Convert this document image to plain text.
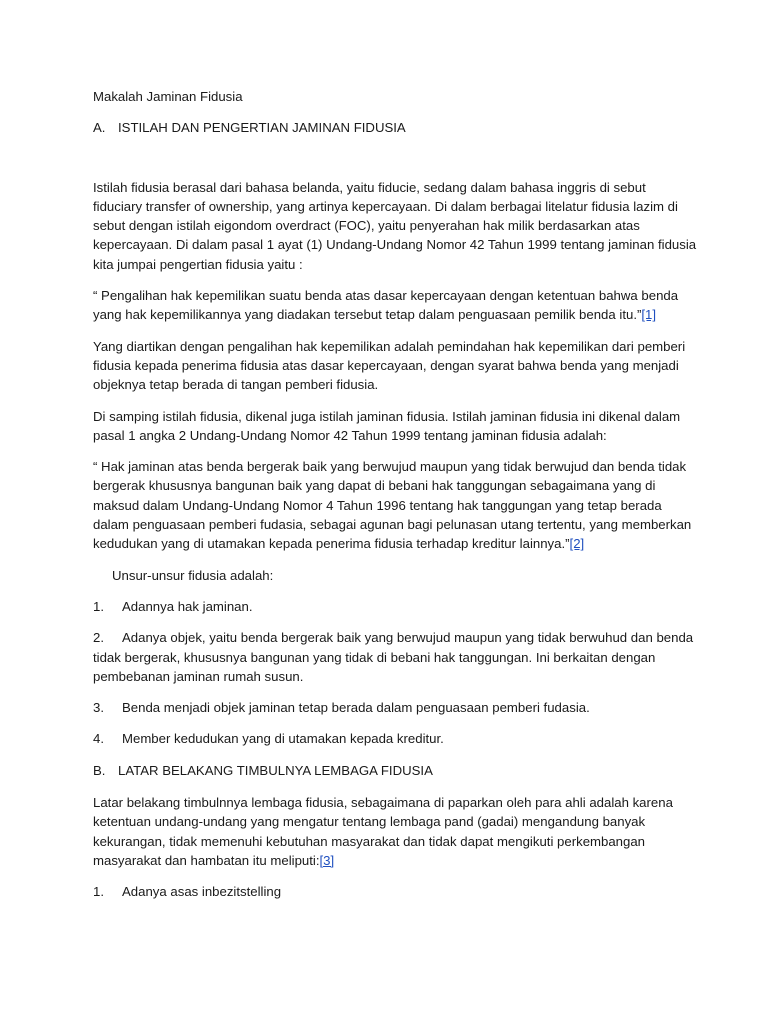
Makalah Jaminan Fidusia
A. ISTILAH DAN PENGERTIAN JAMINAN FIDUSIA

Istilah fidusia berasal dari bahasa belanda, yaitu fiducie, sedang dalam bahasa inggris di sebut fiduciary transfer of ownership, yang artinya kepercayaan. Di dalam berbagai litelatur fidusia lazim di sebut dengan istilah eigondom overdract (FOC), yaitu penyerahan hak milik berdasarkan atas kepercayaan. Di dalam pasal 1 ayat (1) Undang-Undang Nomor 42 Tahun 1999 tentang jaminan fidusia kita jumpai pengertian fidusia yaitu :

“ Pengalihan hak kepemilikan suatu benda atas dasar kepercayaan dengan ketentuan bahwa benda yang hak kepemilikannya yang diadakan tersebut tetap dalam penguasaan pemilik benda itu.”[1]

Yang diartikan dengan pengalihan hak kepemilikan adalah pemindahan hak kepemilikan dari pemberi fidusia kepada penerima fidusia atas dasar kepercayaan, dengan syarat bahwa benda yang menjadi objeknya tetap berada di tangan pemberi fidusia.

Di samping istilah fidusia, dikenal juga istilah jaminan fidusia. Istilah jaminan fidusia ini dikenal dalam pasal 1 angka 2 Undang-Undang Nomor 42 Tahun 1999 tentang jaminan fidusia adalah:

“ Hak jaminan atas benda bergerak baik yang berwujud maupun yang tidak berwujud dan benda tidak bergerak khususnya bangunan baik yang dapat di bebani hak tanggungan sebagaimana yang di maksud dalam Undang-Undang Nomor 4 Tahun 1996 tentang hak tanggungan yang tetap berada dalam penguasaan pemberi fudasia, sebagai agunan bagi pelunasan utang tertentu, yang memberkan kedudukan yang di utamakan kepada penerima fidusia terhadap kreditur lainnya.”[2]

Unsur-unsur fidusia adalah:

1. Adannya hak jaminan.

2. Adanya objek, yaitu benda bergerak baik yang berwujud maupun yang tidak berwuhud dan benda tidak bergerak, khususnya bangunan yang tidak di bebani hak tanggungan. Ini berkaitan dengan pembebanan jaminan rumah susun.

3. Benda menjadi objek jaminan tetap berada dalam penguasaan pemberi fudasia.

4. Member kedudukan yang di utamakan kepada kreditur.

B. LATAR BELAKANG TIMBULNYA LEMBAGA FIDUSIA

Latar belakang timbulnnya lembaga fidusia, sebagaimana di paparkan oleh para ahli adalah karena ketentuan undang-undang yang mengatur tentang lembaga pand (gadai) mengandung banyak kekurangan, tidak memenuhi kebutuhan masyarakat dan tidak dapat mengikuti perkembangan masyarakat dan hambatan itu meliputi:[3]

1. Adanya asas inbezitstelling
